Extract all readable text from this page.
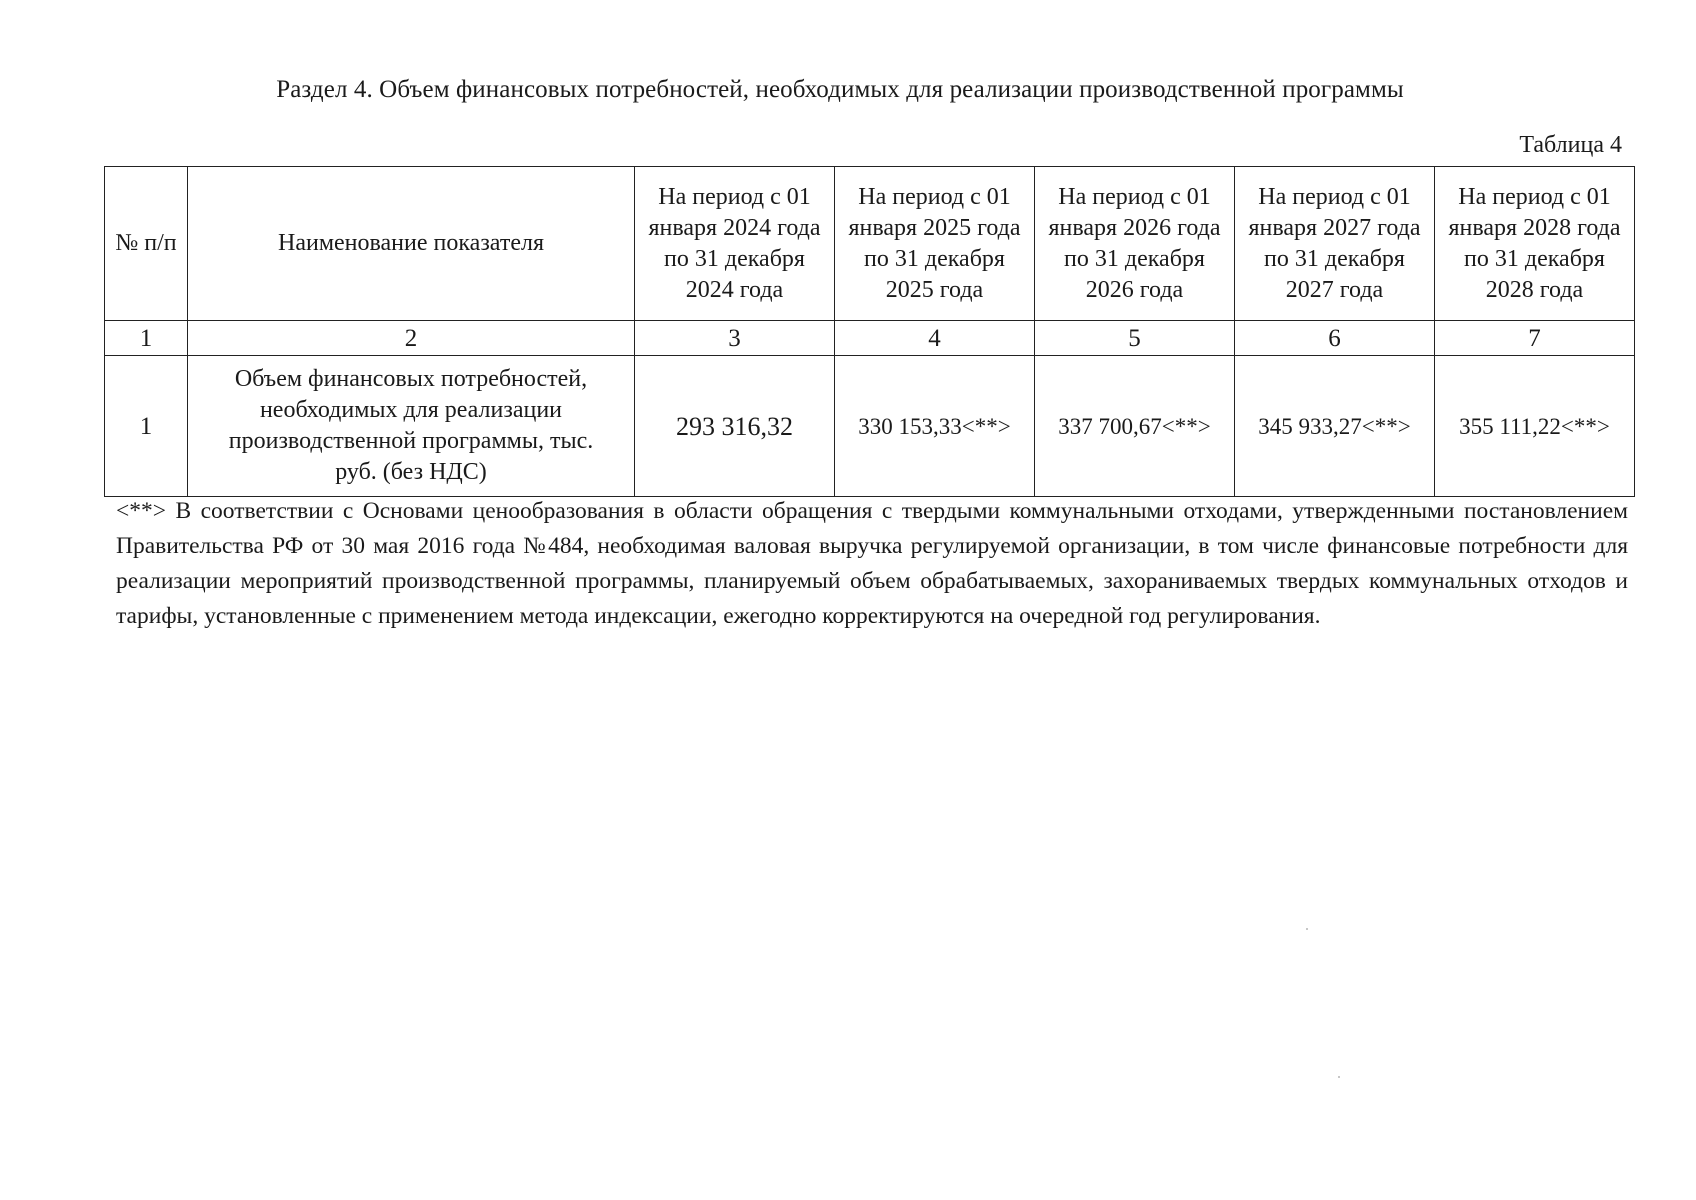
Раздел 4. Объем финансовых потребностей, необходимых для реализации производственной программы
Таблица 4
№ п/п	Наименование показателя	На период с 01 января 2024 года по 31 декабря 2024 года	На период с 01 января 2025 года по 31 декабря 2025 года	На период с 01 января 2026 года по 31 декабря 2026 года	На период с 01 января 2027 года по 31 декабря 2027 года	На период с 01 января 2028 года по 31 декабря 2028 года
1	2	3	4	5	6	7
1	Объем финансовых потребностей, необходимых для реализации производственной программы, тыс. руб. (без НДС)	293 316,32	330 153,33<**>	337 700,67<**>	345 933,27<**>	355 111,22<**>
<**> В соответствии с Основами ценообразования в области обращения с твердыми коммунальными отходами, утвержденными постановлением Правительства РФ от 30 мая 2016 года №484, необходимая валовая выручка регулируемой организации, в том числе финансовые потребности для реализации мероприятий производственной программы, планируемый объем обрабатываемых, захораниваемых твердых коммунальных отходов и тарифы, установленные с применением метода индексации, ежегодно корректируются на очередной год регулирования.
